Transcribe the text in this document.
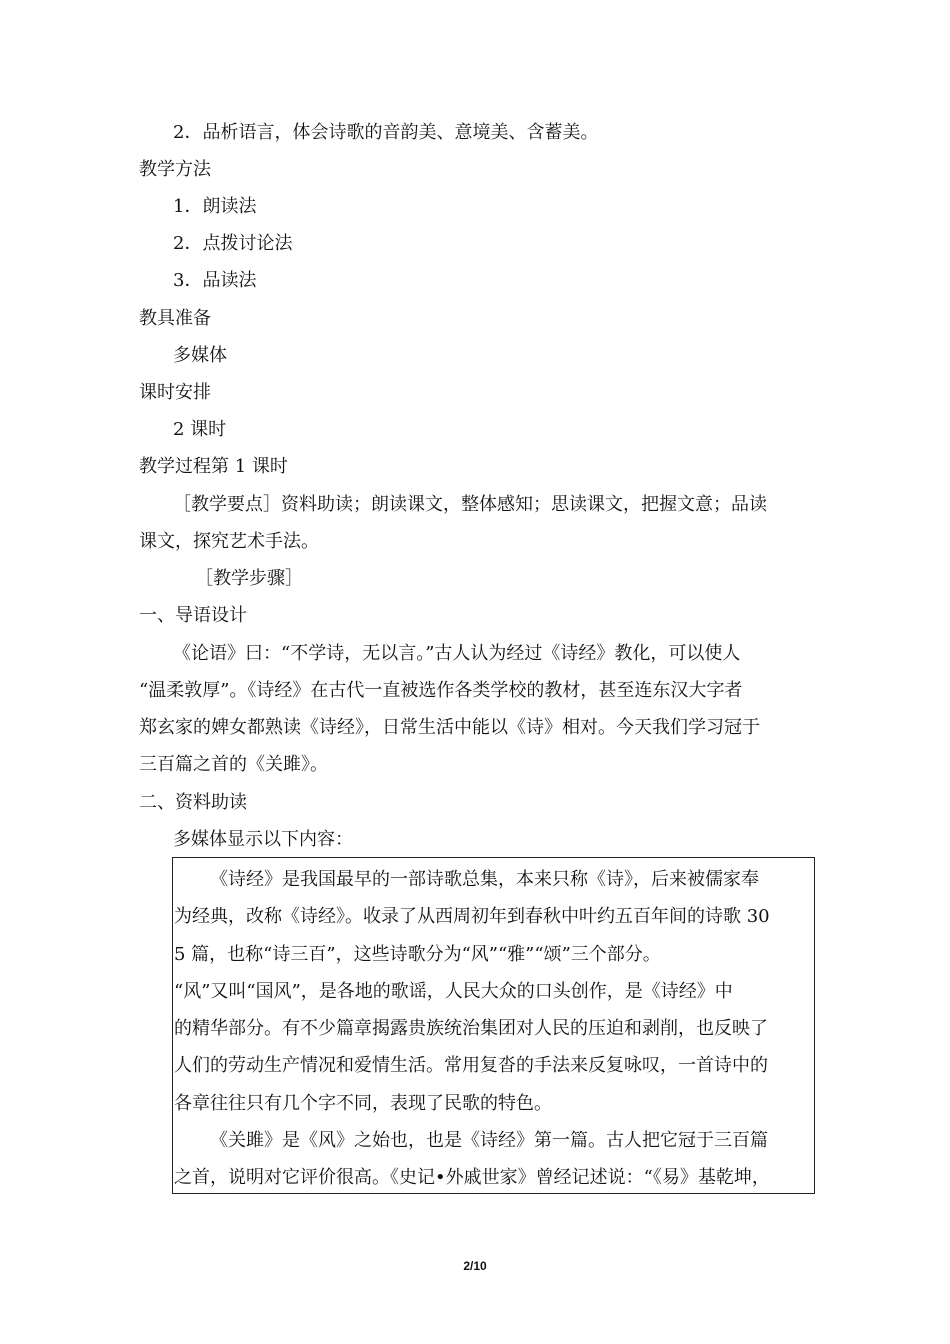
2．品析语言，体会诗歌的音韵美、意境美、含蓄美。
教学方法
1．朗读法
2．点拨讨论法
3．品读法
教具准备
多媒体
课时安排
2 课时
教学过程第 1 课时
［教学要点］资料助读；朗读课文，整体感知；思读课文，把握文意；品读
课文，探究艺术手法。
［教学步骤］
一、导语设计
《论语》曰：“不学诗，无以言。”古人认为经过《诗经》教化，可以使人
“温柔敦厚”。《诗经》在古代一直被选作各类学校的教材，甚至连东汉大字者
郑玄家的婢女都熟读《诗经》，日常生活中能以《诗》相对。今天我们学习冠于
三百篇之首的《关雎》。
二、资料助读
多媒体显示以下内容：
《诗经》是我国最早的一部诗歌总集，本来只称《诗》，后来被儒家奉
为经典，改称《诗经》。收录了从西周初年到春秋中叶约五百年间的诗歌 30
5 篇，也称“诗三百”，这些诗歌分为“风”“雅”“颂”三个部分。
“风”又叫“国风”，是各地的歌谣，人民大众的口头创作，是《诗经》中
的精华部分。有不少篇章揭露贵族统治集团对人民的压迫和剥削，也反映了
人们的劳动生产情况和爱情生活。常用复沓的手法来反复咏叹，一首诗中的
各章往往只有几个字不同，表现了民歌的特色。
《关雎》是《风》之始也，也是《诗经》第一篇。古人把它冠于三百篇
之首，说明对它评价很高。《史记•外戚世家》曾经记述说：“《易》基乾坤，
2/10
